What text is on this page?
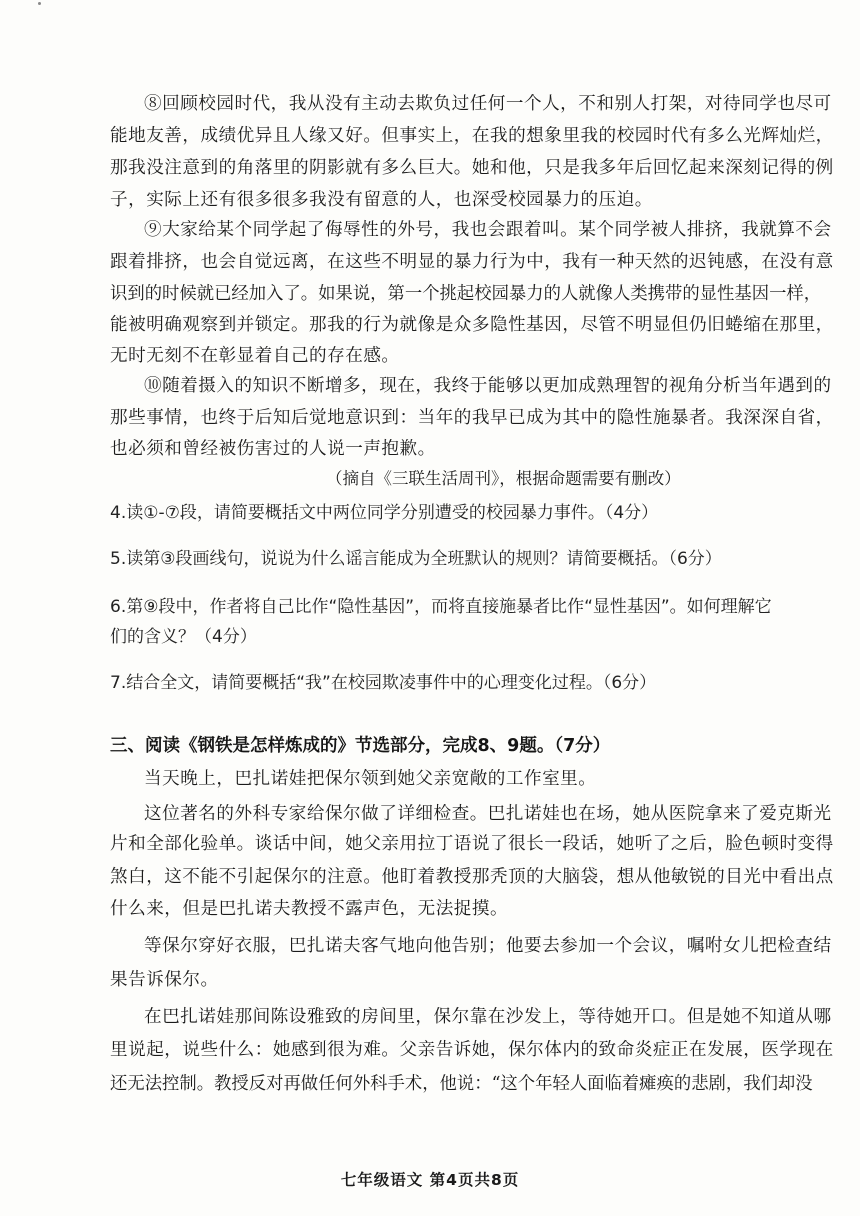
⑧回顾校园时代，我从没有主动去欺负过任何一个人，不和别人打架，对待同学也尽可
能地友善，成绩优异且人缘又好。但事实上，在我的想象里我的校园时代有多么光辉灿烂，
那我没注意到的角落里的阴影就有多么巨大。她和他，只是我多年后回忆起来深刻记得的例
子，实际上还有很多很多我没有留意的人，也深受校园暴力的压迫。
⑨大家给某个同学起了侮辱性的外号，我也会跟着叫。某个同学被人排挤，我就算不会
跟着排挤，也会自觉远离，在这些不明显的暴力行为中，我有一种天然的迟钝感，在没有意
识到的时候就已经加入了。如果说，第一个挑起校园暴力的人就像人类携带的显性基因一样，
能被明确观察到并锁定。那我的行为就像是众多隐性基因，尽管不明显但仍旧蜷缩在那里，
无时无刻不在彰显着自己的存在感。
⑩随着摄入的知识不断增多，现在，我终于能够以更加成熟理智的视角分析当年遇到的
那些事情，也终于后知后觉地意识到：当年的我早已成为其中的隐性施暴者。我深深自省，
也必须和曾经被伤害过的人说一声抱歉。
（摘自《三联生活周刊》，根据命题需要有删改）
4.读①-⑦段，请简要概括文中两位同学分别遭受的校园暴力事件。（4分）
5.读第③段画线句，说说为什么谣言能成为全班默认的规则？请简要概括。（6分）
6.第⑨段中，作者将自己比作“隐性基因”，而将直接施暴者比作“显性基因”。如何理解它
们的含义？（4分）
7.结合全文，请简要概括“我”在校园欺凌事件中的心理变化过程。（6分）
三、阅读《钢铁是怎样炼成的》节选部分，完成8、9题。（7分）
当天晚上，巴扎诺娃把保尔领到她父亲宽敞的工作室里。
这位著名的外科专家给保尔做了详细检查。巴扎诺娃也在场，她从医院拿来了爱克斯光
片和全部化验单。谈话中间，她父亲用拉丁语说了很长一段话，她听了之后，脸色顿时变得
煞白，这不能不引起保尔的注意。他盯着教授那秃顶的大脑袋，想从他敏锐的目光中看出点
什么来，但是巴扎诺夫教授不露声色，无法捉摸。
等保尔穿好衣服，巴扎诺夫客气地向他告别；他要去参加一个会议，嘱咐女儿把检查结
果告诉保尔。
在巴扎诺娃那间陈设雅致的房间里，保尔靠在沙发上，等待她开口。但是她不知道从哪
里说起，说些什么：她感到很为难。父亲告诉她，保尔体内的致命炎症正在发展，医学现在
还无法控制。教授反对再做任何外科手术，他说：“这个年轻人面临着瘫痪的悲剧，我们却没
七年级语文 第4页共8页
